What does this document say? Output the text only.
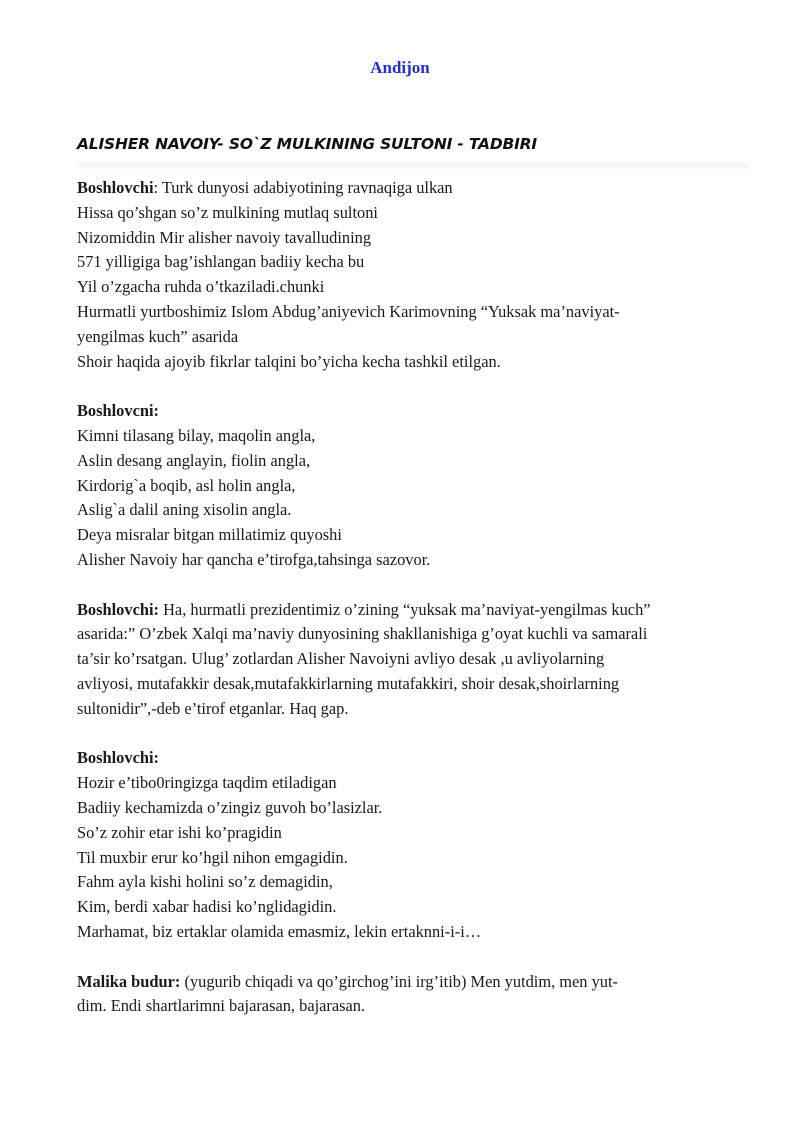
Andijon
ALISHER NAVOIY- SO`Z MULKINING SULTONI - TADBIRI
Boshlovchi: Turk dunyosi adabiyotining ravnaqiga ulkan
Hissa qo’shgan so’z mulkining mutlaq sultoni
Nizomiddin Mir alisher navoiy tavalludining
571 yilligiga bag’ishlangan badiiy kecha bu
Yil o’zgacha ruhda o’tkaziladi.chunki
Hurmatli yurtboshimiz Islom Abdug’aniyevich Karimovning “Yuksak ma’naviyat-
yengilmas kuch” asarida
Shoir haqida ajoyib fikrlar talqini bo’yicha kecha tashkil etilgan.
Boshlovcni:
Kimni tilasang bilay, maqolin angla,
Aslin desang anglayin, fiolin angla,
Kirdorig`a boqib, asl holin angla,
Aslig`a dalil aning xisolin angla.
Deya misralar bitgan millatimiz quyoshi
Alisher Navoiy har qancha e’tirofga,tahsinga sazovor.
Boshlovchi: Ha, hurmatli prezidentimiz o’zining “yuksak ma’naviyat-yengilmas kuch”
asarida:” O’zbek Xalqi ma’naviy dunyosining shakllanishiga g’oyat kuchli va samarali
ta’sir ko’rsatgan. Ulug’ zotlardan Alisher Navoiyni avliyo desak ,u avliyolarning
avliyosi, mutafakkir desak,mutafakkirlarning mutafakkiri, shoir desak,shoirlarning
sultonidir”,-deb e’tirof etganlar. Haq gap.
Boshlovchi:
Hozir e’tibo0ringizga taqdim etiladigan
Badiiy kechamizda o’zingiz guvoh bo’lasizlar.
So’z zohir etar ishi ko’pragidin
Til muxbir erur ko’hgil nihon emgagidin.
Fahm ayla kishi holini so’z demagidin,
Kim, berdi xabar hadisi ko’nglidagidin.
Marhamat, biz ertaklar olamida emasmiz, lekin ertaknni-i-i…
Malika budur: (yugurib chiqadi va qo’girchog’ini irg’itib) Men yutdim, men yut-
dim. Endi shartlarimni bajarasan, bajarasan.
